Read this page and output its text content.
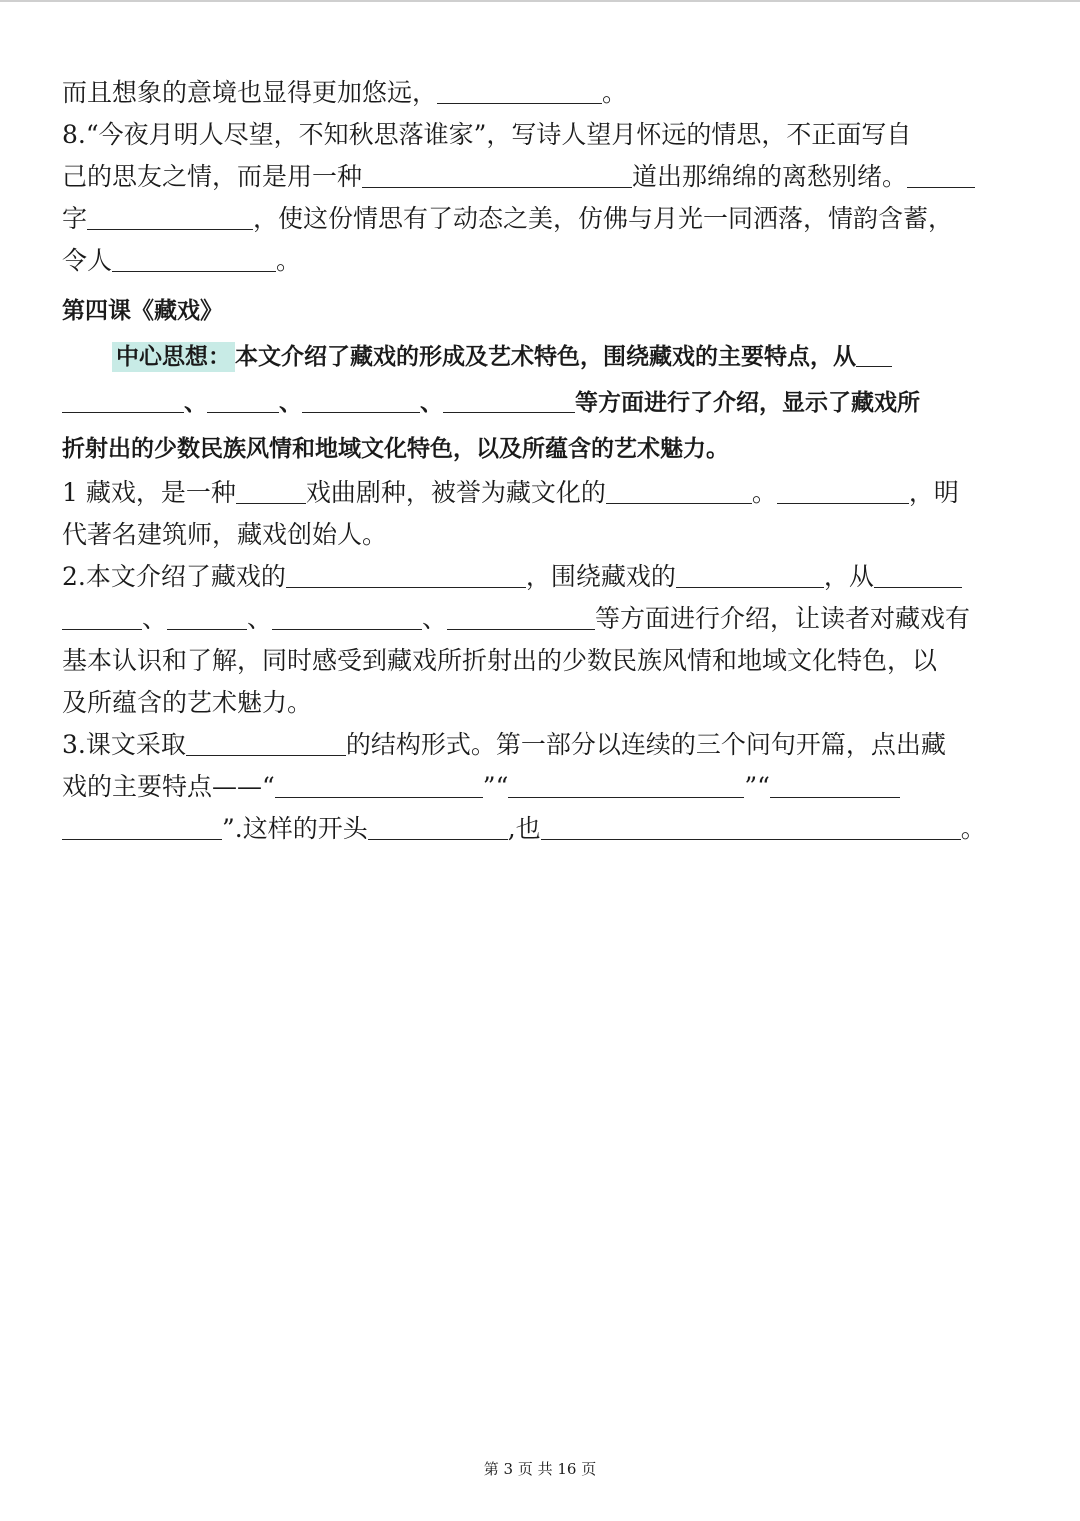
而且想象的意境也显得更加悠远，	。
8.“今夜月明人尽望，不知秋思落谁家”，写诗人望月怀远的情思，不正面写自
己的思友之情，而是用一种	道出那绵绵的离愁别绪。
字	，使这份情思有了动态之美，仿佛与月光一同洒落，情韵含蓄，
令人	。
第四课《藏戏》
中心思想： 本文介绍了藏戏的形成及艺术特色，围绕藏戏的主要特点，从
、	、	、	等方面进行了介绍，显示了藏戏所
折射出的少数民族风情和地域文化特色，以及所蕴含的艺术魅力。
1 藏戏，是一种	戏曲剧种，被誉为藏文化的	。	，明
代著名建筑师，藏戏创始人。
2.本文介绍了藏戏的	，围绕藏戏的	，从
、	、	、	等方面进行介绍，让读者对藏戏有
基本认识和了解，同时感受到藏戏所折射出的少数民族风情和地域文化特色，以
及所蕴含的艺术魅力。
3.课文采取	的结构形式。第一部分以连续的三个问句开篇，点出藏
戏的主要特点——“	”“	”“
”.这样的开头	,也	。
第 3 页 共 16 页
